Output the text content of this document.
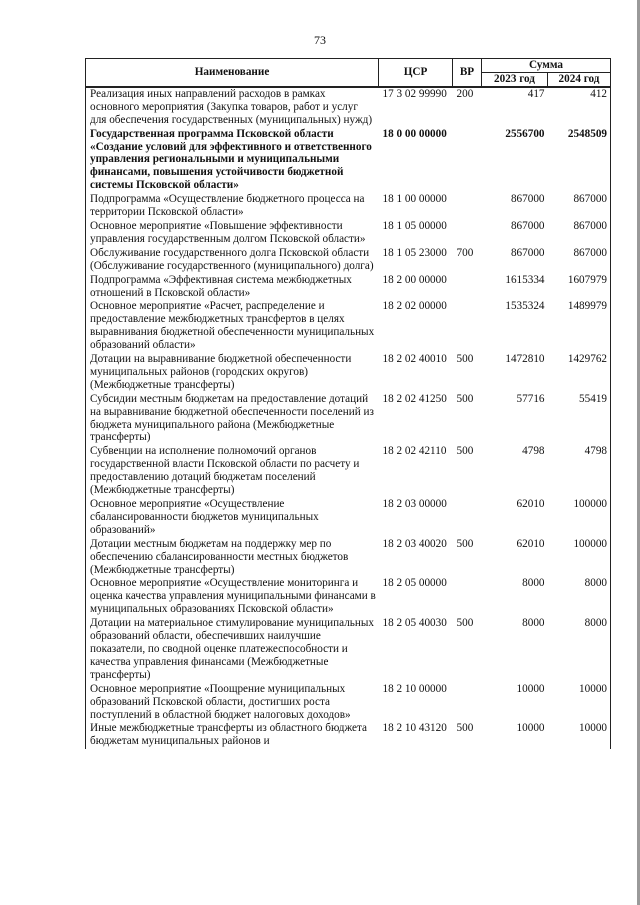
73
Наименование	ЦСР	ВР	Сумма	
			2023 год	2024 год
Реализация иных направлений расходов в рамках основного мероприятия (Закупка товаров, работ и услуг для обеспечения государственных (муниципальных) нужд)	17 3 02 99990	200	417	412
Государственная программа Псковской области «Создание условий для эффективного и ответственного управления региональными и муниципальными финансами, повышения устойчивости бюджетной системы Псковской области»	18 0 00 00000		2556700	2548509
Подпрограмма «Осуществление бюджетного процесса на территории Псковской области»	18 1 00 00000		867000	867000
Основное мероприятие «Повышение эффективности управления государственным долгом Псковской области»	18 1 05 00000		867000	867000
Обслуживание государственного долга Псковской области (Обслуживание государственного (муниципального) долга)	18 1 05 23000	700	867000	867000
Подпрограмма «Эффективная система межбюджетных отношений в Псковской области»	18 2 00 00000		1615334	1607979
Основное мероприятие «Расчет, распределение и предоставление межбюджетных трансфертов в целях выравнивания бюджетной обеспеченности муниципальных образований области»	18 2 02 00000		1535324	1489979
Дотации на выравнивание бюджетной обеспеченности муниципальных районов (городских округов) (Межбюджетные трансферты)	18 2 02 40010	500	1472810	1429762
Субсидии местным бюджетам на предоставление дотаций на выравнивание бюджетной обеспеченности поселений из бюджета муниципального района (Межбюджетные трансферты)	18 2 02 41250	500	57716	55419
Субвенции на исполнение полномочий органов государственной власти Псковской области по расчету и предоставлению дотаций бюджетам поселений (Межбюджетные трансферты)	18 2 02 42110	500	4798	4798
Основное мероприятие «Осуществление сбалансированности бюджетов муниципальных образований»	18 2 03 00000		62010	100000
Дотации местным бюджетам на поддержку мер по обеспечению сбалансированности местных бюджетов (Межбюджетные трансферты)	18 2 03 40020	500	62010	100000
Основное мероприятие «Осуществление мониторинга и оценка качества управления муниципальными финансами в муниципальных образованиях Псковской области»	18 2 05 00000		8000	8000
Дотации на материальное стимулирование муниципальных образований области, обеспечивших наилучшие показатели, по сводной оценке платежеспособности и качества управления финансами (Межбюджетные трансферты)	18 2 05 40030	500	8000	8000
Основное мероприятие «Поощрение муниципальных образований Псковской области, достигших роста поступлений в областной бюджет налоговых доходов»	18 2 10 00000		10000	10000
Иные межбюджетные трансферты из областного бюджета бюджетам муниципальных районов и	18 2 10 43120	500	10000	10000
